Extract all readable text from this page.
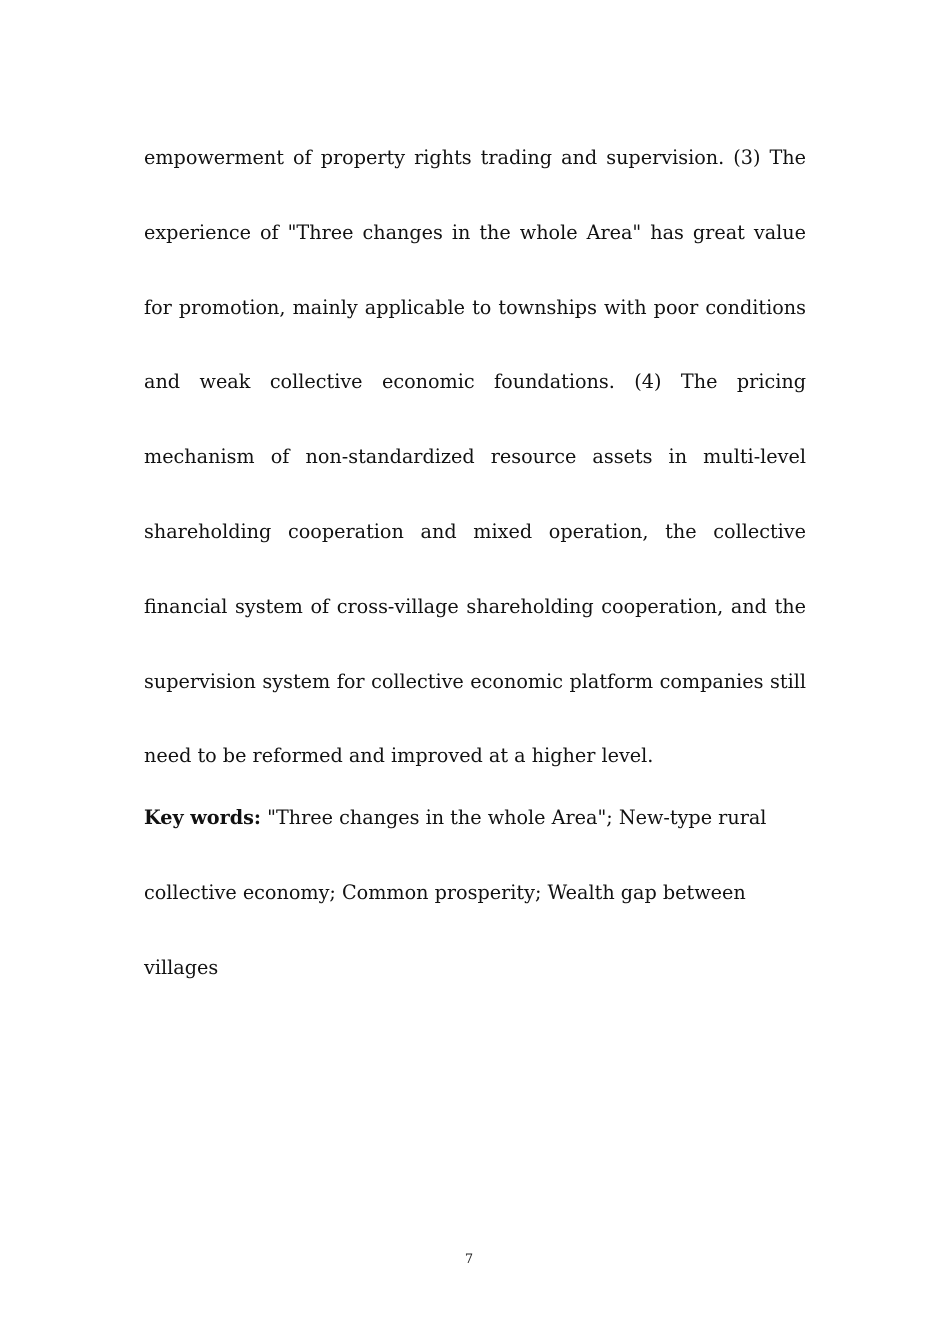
empowerment of property rights trading and supervision. (3) The experience of "Three changes in the whole Area" has great value for promotion, mainly applicable to townships with poor conditions and weak collective economic foundations. (4) The pricing mechanism of non-standardized resource assets in multi-level shareholding cooperation and mixed operation, the collective financial system of cross-village shareholding cooperation, and the supervision system for collective economic platform companies still need to be reformed and improved at a higher level.

Key words: "Three changes in the whole Area"; New-type rural collective economy; Common prosperity; Wealth gap between villages

7
